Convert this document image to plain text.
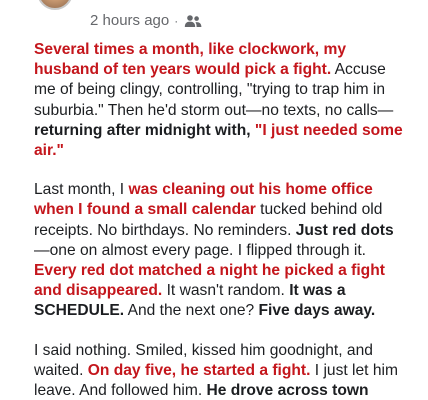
2 hours ago ·

Several times a month, like clockwork, my husband of ten years would pick a fight. Accuse me of being clingy, controlling, "trying to trap him in suburbia." Then he'd storm out—no texts, no calls—returning after midnight with, "I just needed some air."

Last month, I was cleaning out his home office when I found a small calendar tucked behind old receipts. No birthdays. No reminders. Just red dots—one on almost every page. I flipped through it. Every red dot matched a night he picked a fight and disappeared. It wasn't random. It was a SCHEDULE. And the next one? Five days away.

I said nothing. Smiled, kissed him goodnight, and waited. On day five, he started a fight. I just let him leave. And followed him. He drove across town
